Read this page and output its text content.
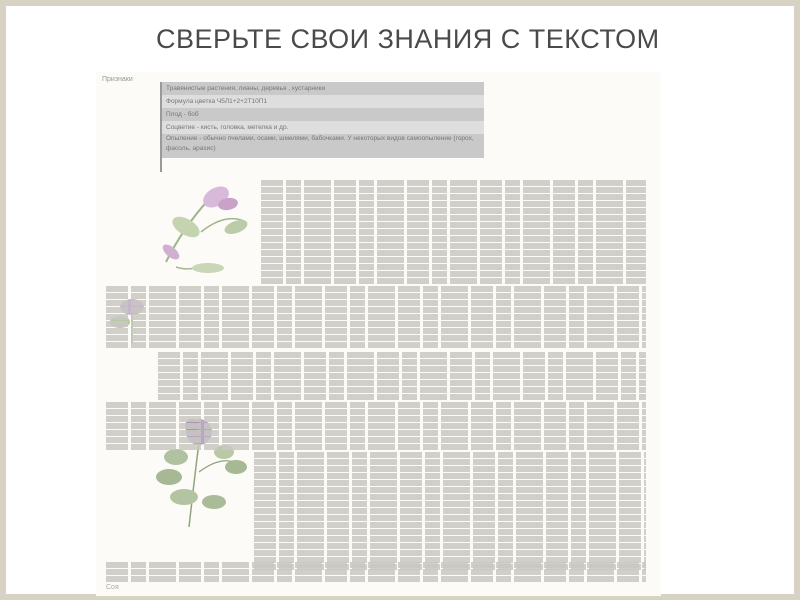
СВЕРЬТЕ СВОИ ЗНАНИЯ С ТЕКСТОМ
Признаки
Травянистые растения, лианы, деревья , кустарники
Формула цветка Ч5Л1+2+2Т10П1
Плод - боб
Соцветие - кисть, головка, метелка и др.
Опыление - обычно пчелами, осами, шмелями, бабочками. У некоторых видов самоопыление (горох, фасоль, арахис)
Соя
